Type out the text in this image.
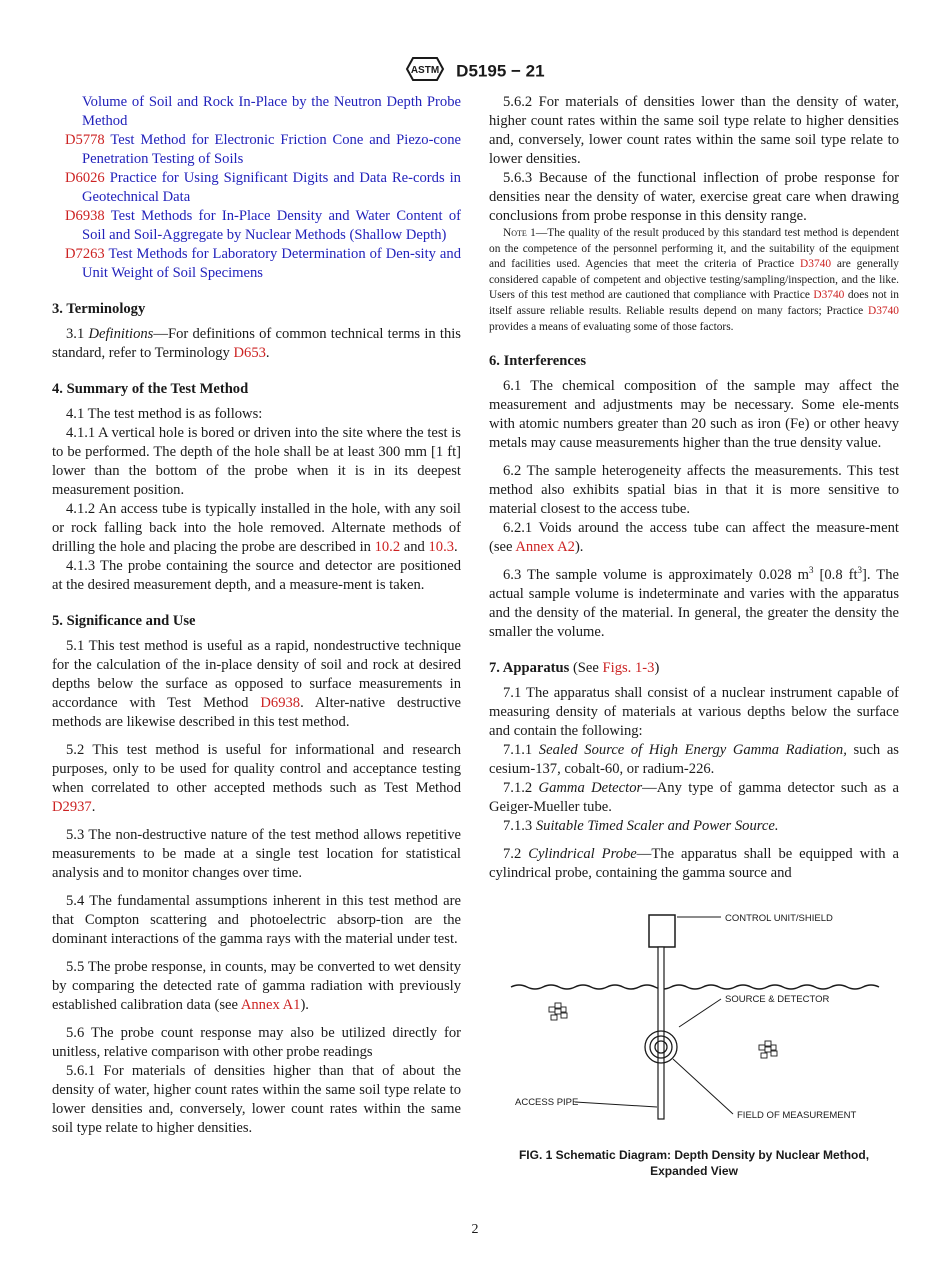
ASTM D5195 − 21

Volume of Soil and Rock In-Place by the Neutron Depth Probe Method

D5778 Test Method for Electronic Friction Cone and Piezo-cone Penetration Testing of Soils

D6026 Practice for Using Significant Digits and Data Re-cords in Geotechnical Data

D6938 Test Methods for In-Place Density and Water Content of Soil and Soil-Aggregate by Nuclear Methods (Shallow Depth)

D7263 Test Methods for Laboratory Determination of Den-sity and Unit Weight of Soil Specimens

3. Terminology

3.1 Definitions—For definitions of common technical terms in this standard, refer to Terminology D653.

4. Summary of the Test Method

4.1 The test method is as follows:

4.1.1 A vertical hole is bored or driven into the site where the test is to be performed. The depth of the hole shall be at least 300 mm [1 ft] lower than the bottom of the probe when it is in its deepest measurement position.

4.1.2 An access tube is typically installed in the hole, with any soil or rock falling back into the hole removed. Alternate methods of drilling the hole and placing the probe are described in 10.2 and 10.3.

4.1.3 The probe containing the source and detector are positioned at the desired measurement depth, and a measure-ment is taken.

5. Significance and Use

5.1 This test method is useful as a rapid, nondestructive technique for the calculation of the in-place density of soil and rock at desired depths below the surface as opposed to surface measurements in accordance with Test Method D6938. Alter-native destructive methods are likewise described in this test method.

5.2 This test method is useful for informational and research purposes, only to be used for quality control and acceptance testing when correlated to other accepted methods such as Test Method D2937.

5.3 The non-destructive nature of the test method allows repetitive measurements to be made at a single test location for statistical analysis and to monitor changes over time.

5.4 The fundamental assumptions inherent in this test method are that Compton scattering and photoelectric absorp-tion are the dominant interactions of the gamma rays with the material under test.

5.5 The probe response, in counts, may be converted to wet density by comparing the detected rate of gamma radiation with previously established calibration data (see Annex A1).

5.6 The probe count response may also be utilized directly for unitless, relative comparison with other probe readings

5.6.1 For materials of densities higher than that of about the density of water, higher count rates within the same soil type relate to lower densities and, conversely, lower count rates within the same soil type relate to higher densities.

5.6.2 For materials of densities lower than the density of water, higher count rates within the same soil type relate to higher densities and, conversely, lower count rates within the same soil type relate to lower densities.

5.6.3 Because of the functional inflection of probe response for densities near the density of water, exercise great care when drawing conclusions from probe response in this density range.

Note 1—The quality of the result produced by this standard test method is dependent on the competence of the personnel performing it, and the suitability of the equipment and facilities used. Agencies that meet the criteria of Practice D3740 are generally considered capable of competent and objective testing/sampling/inspection, and the like. Users of this test method are cautioned that compliance with Practice D3740 does not in itself assure reliable results. Reliable results depend on many factors; Practice D3740 provides a means of evaluating some of those factors.

6. Interferences

6.1 The chemical composition of the sample may affect the measurement and adjustments may be necessary. Some ele-ments with atomic numbers greater than 20 such as iron (Fe) or other heavy metals may cause measurements higher than the true density value.

6.2 The sample heterogeneity affects the measurements. This test method also exhibits spatial bias in that it is more sensitive to material closest to the access tube.

6.2.1 Voids around the access tube can affect the measure-ment (see Annex A2).

6.3 The sample volume is approximately 0.028 $m^3$ [0.8 $ft^3$]. The actual sample volume is indeterminate and varies with the apparatus and the density of the material. In general, the greater the density the smaller the volume.

7. Apparatus (See Figs. 1-3)

7.1 The apparatus shall consist of a nuclear instrument capable of measuring density of materials at various depths below the surface and contain the following:

7.1.1 Sealed Source of High Energy Gamma Radiation, such as cesium-137, cobalt-60, or radium-226.

7.1.2 Gamma Detector—Any type of gamma detector such as a Geiger-Mueller tube.

7.1.3 Suitable Timed Scaler and Power Source.

7.2 Cylindrical Probe—The apparatus shall be equipped with a cylindrical probe, containing the gamma source and

CONTROL UNIT/SHIELD
SOURCE & DETECTOR
ACCESS PIPE
FIELD OF MEASUREMENT
FIG. 1 Schematic Diagram: Depth Density by Nuclear Method,
Expanded View
2
